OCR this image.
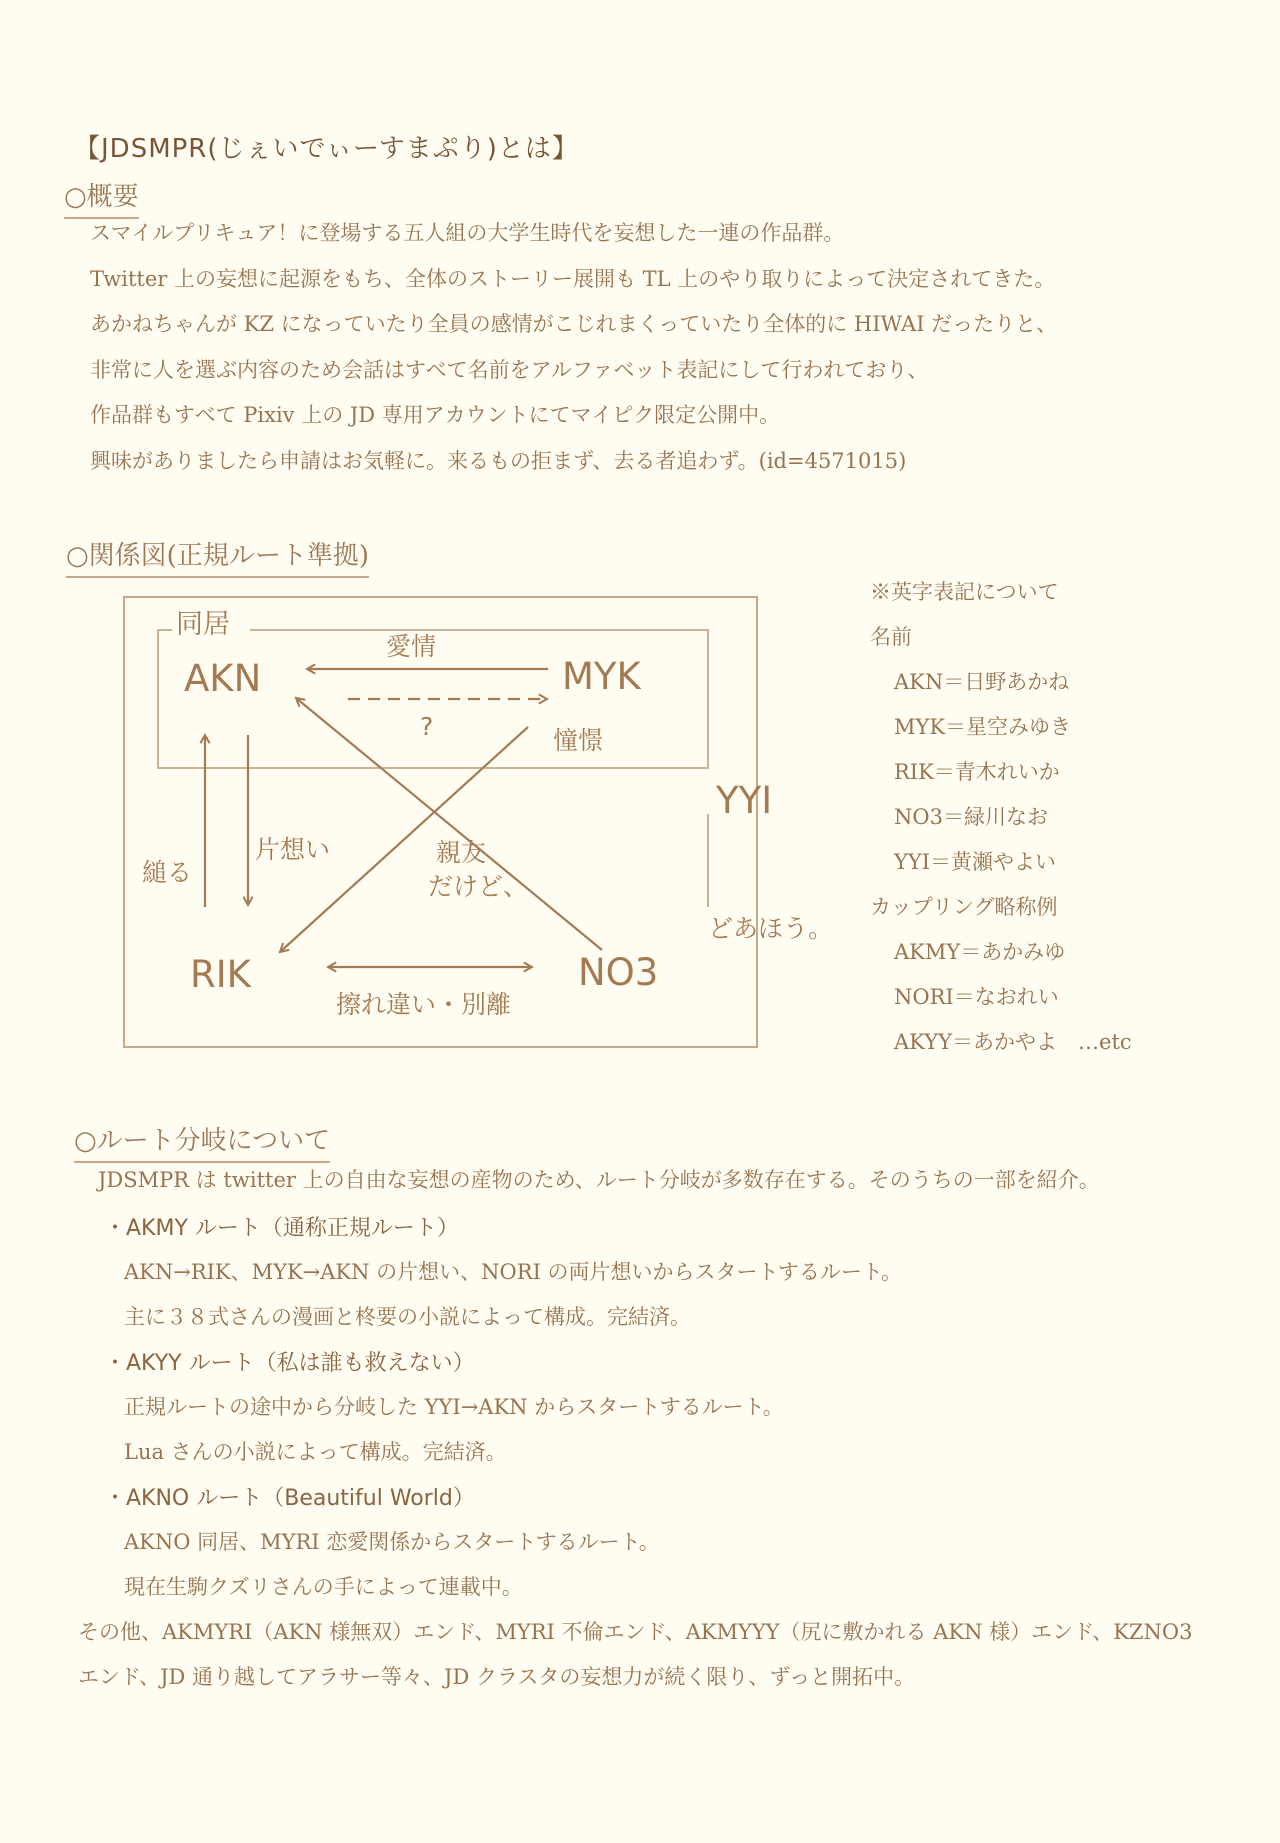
【JDSMPR(じぇいでぃーすまぷり)とは】
○概要
スマイルプリキュア！に登場する五人組の大学生時代を妄想した一連の作品群。
Twitter 上の妄想に起源をもち、全体のストーリー展開も TL 上のやり取りによって決定されてきた。
あかねちゃんが KZ になっていたり全員の感情がこじれまくっていたり全体的に HIWAI だったりと、
非常に人を選ぶ内容のため会話はすべて名前をアルファベット表記にして行われており、
作品群もすべて Pixiv 上の JD 専用アカウントにてマイピク限定公開中。
興味がありましたら申請はお気軽に。来るもの拒まず、去る者追わず。(id=4571015)
○関係図(正規ルート準拠)
同居
AKN	MYK
RIK	NO3
YYI
愛情
?	憧憬
縋る
片想い	親友
だけど、
どあほう。
擦れ違い・別離
※英字表記について
名前
AKN＝日野あかね
MYK＝星空みゆき
RIK＝青木れいか
NO3＝緑川なお
YYI＝黄瀬やよい
カップリング略称例
AKMY＝あかみゆ
NORI＝なおれい
AKYY＝あかやよ　…etc
○ルート分岐について
JDSMPR は twitter 上の自由な妄想の産物のため、ルート分岐が多数存在する。そのうちの一部を紹介。
・AKMY ルート（通称正規ルート）
AKN→RIK、MYK→AKN の片想い、NORI の両片想いからスタートするルート。
主に３８式さんの漫画と柊要の小説によって構成。完結済。
・AKYY ルート（私は誰も救えない）
正規ルートの途中から分岐した YYI→AKN からスタートするルート。
Lua さんの小説によって構成。完結済。
・AKNO ルート（Beautiful World）
AKNO 同居、MYRI 恋愛関係からスタートするルート。
現在生駒クズリさんの手によって連載中。
その他、AKMYRI（AKN 様無双）エンド、MYRI 不倫エンド、AKMYYY（尻に敷かれる AKN 様）エンド、KZNO3
エンド、JD 通り越してアラサー等々、JD クラスタの妄想力が続く限り、ずっと開拓中。
